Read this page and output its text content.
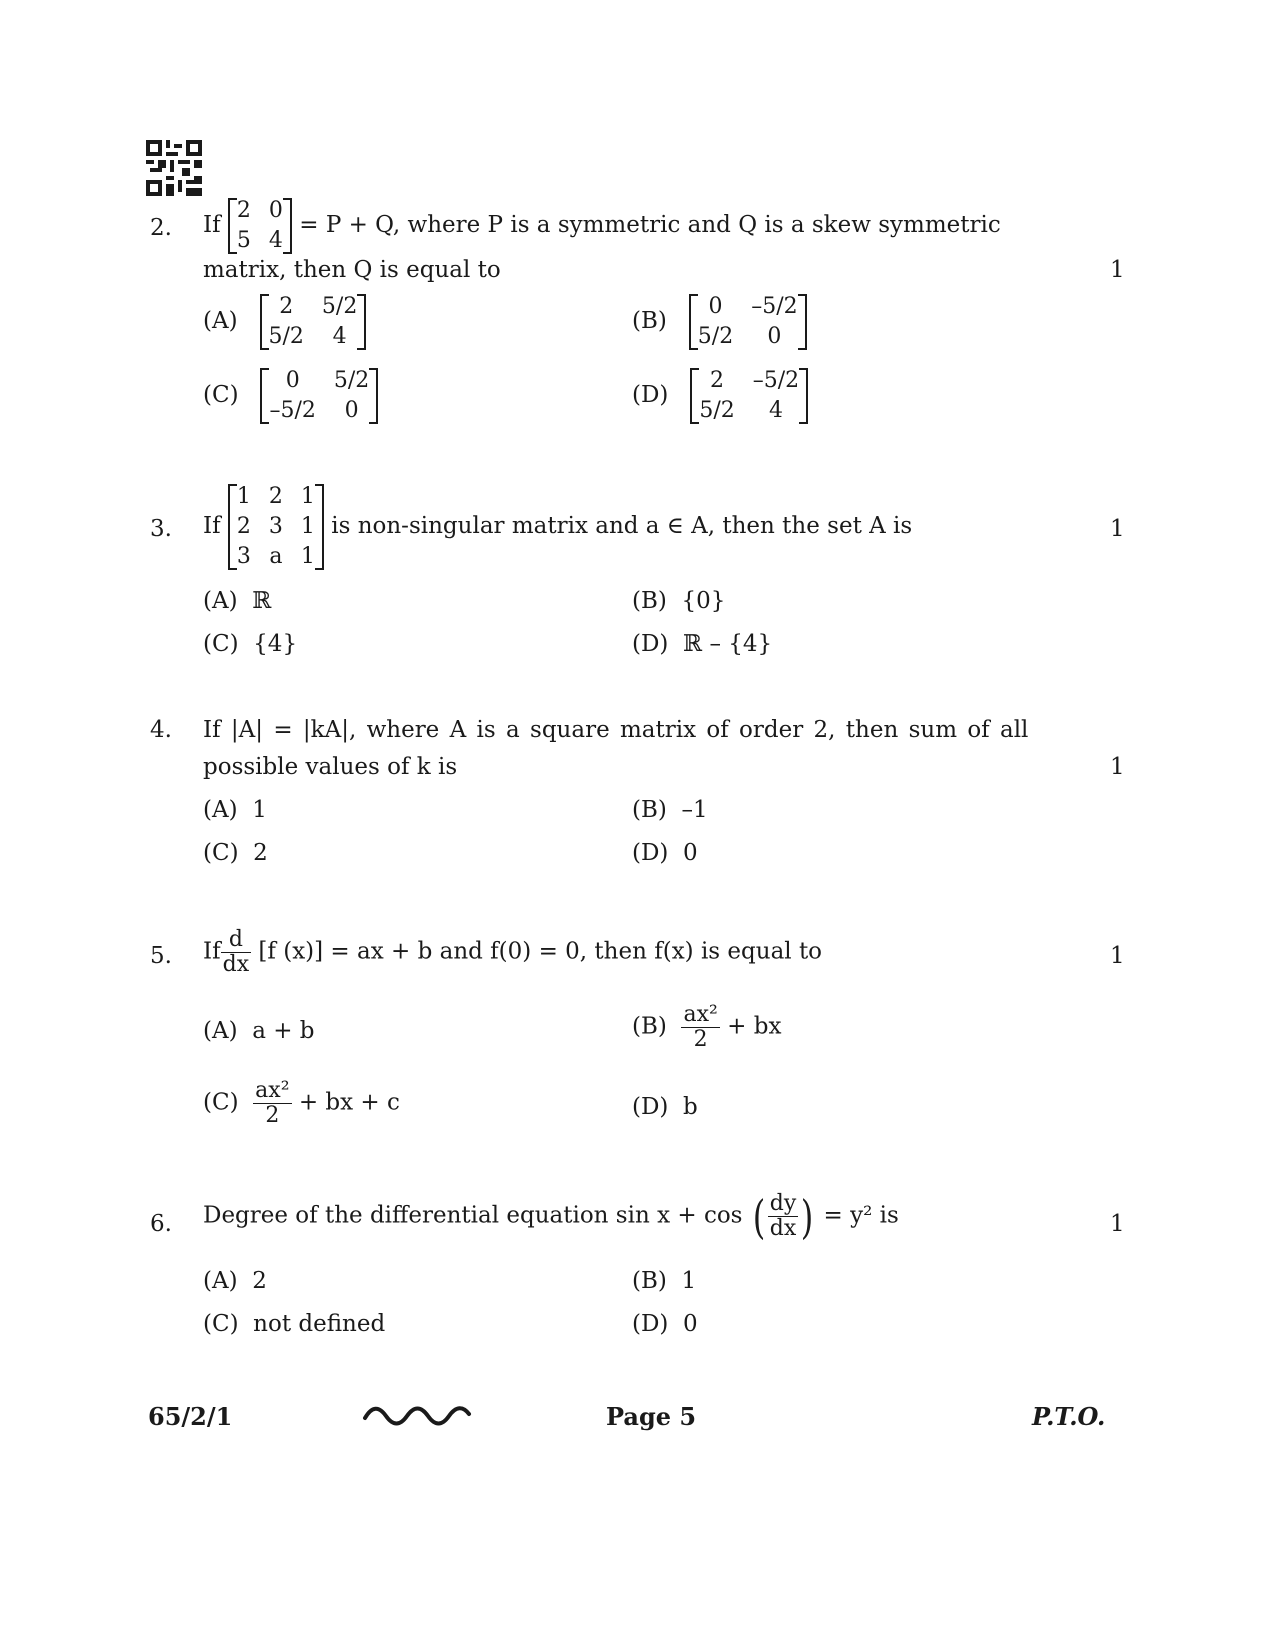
2. If
2	0
5	4
= P + Q, where P is a symmetric and Q is a skew symmetric
matrix, then Q is equal to	1
(A)
2	5/2
5/2	4
(B)
0	–5/2
5/2	0
(C)
0	5/2
–5/2	0
(D)
2	–5/2
5/2	4
3. If
1	2	1
2	3	1
3	a	1
is non-singular matrix and a ∈ A, then the set A is	1
(A) ℝ	(B) {0}
(C) {4}	(D) ℝ – {4}
4. If |A| = |kA|, where A is a square matrix of order 2, then sum of all
possible values of k is	1
(A) 1	(B) –1
(C) 2	(D) 0
5. If $\frac{d}{dx} [f$ (x)] = ax + b and f(0) = 0, then f(x) is equal to	1
(A) a + b	$(B) \frac{\text{ax²}}{2}$ + bx
$(C) \frac{\text{ax²}}{2}$ + bx + c	(D) b
6. Degree of the differential equation sin x + cos ( $\frac{dy}{dx}$ ) = y² is	1
(A) 2	(B) 1
(C) not defined	(D) 0
65/2/1	Page 5	P.T.O.
